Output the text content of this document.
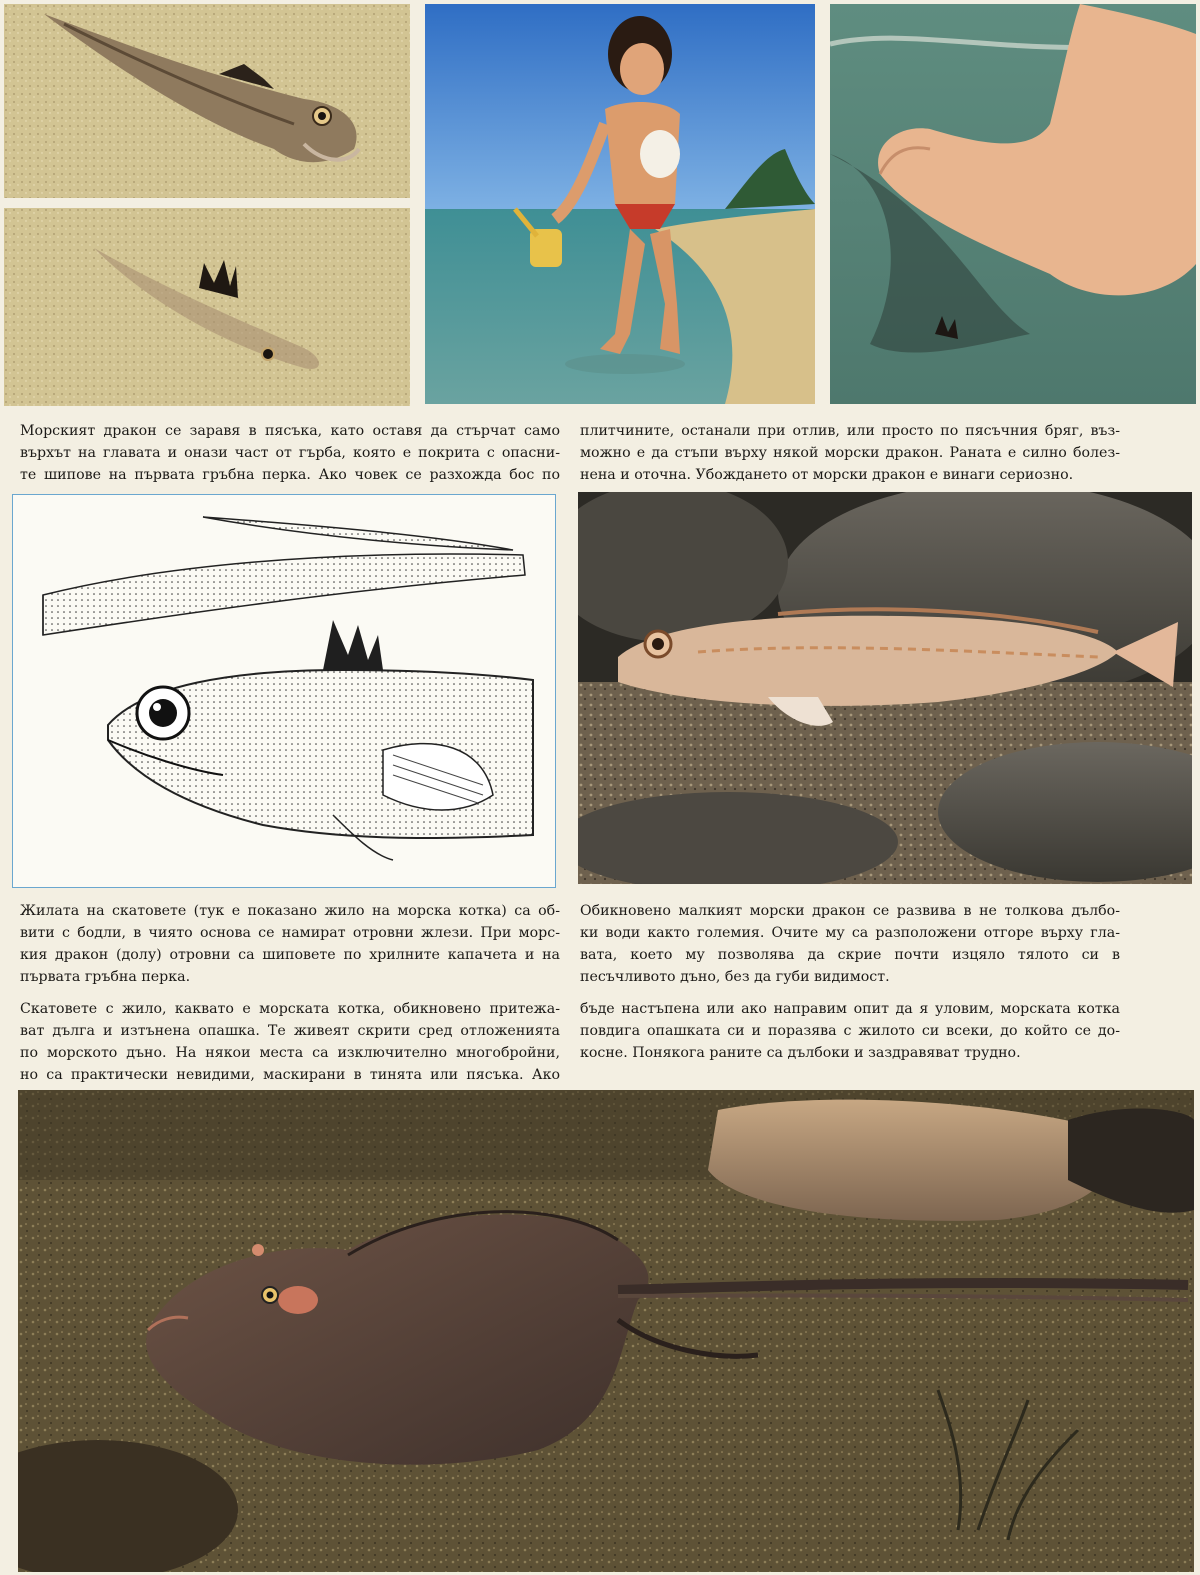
Морският дракон се заравя в пясъка, като оставя да стърчат само
върхът на главата и онази част от гърба, която е покрита с опасни-
те шипове на първата гръбна перка. Ако човек се разхожда бос по

плитчините, останали при отлив, или просто по пясъчния бряг, въз-
можно е да стъпи върху някой морски дракон. Раната е силно болез-
нена и оточна. Убождането от морски дракон е винаги сериозно.

Жилата на скатовете (тук е показано жило на морска котка) са об-
вити с бодли, в чиято основа се намират отровни жлези. При морс-
кия дракон (долу) отровни са шиповете по хрилните капачета и на
първата гръбна перка.

Обикновено малкият морски дракон се развива в не толкова дълбо-
ки води както големия. Очите му са разположени отгоре върху гла-
вата, което му позволява да скрие почти изцяло тялото си в
песъчливото дъно, без да губи видимост.

Скатовете с жило, каквато е морската котка, обикновено притежа-
ват дълга и изтънена опашка. Те живеят скрити сред отложенията
по морското дъно. На някои места са изключително многобройни,
но са практически невидими, маскирани в тинята или пясъка. Ако

бъде настъпена или ако направим опит да я уловим, морската котка
повдига опашката си и поразява с жилото си всеки, до който се до-
косне. Понякога раните са дълбоки и заздравяват трудно.
